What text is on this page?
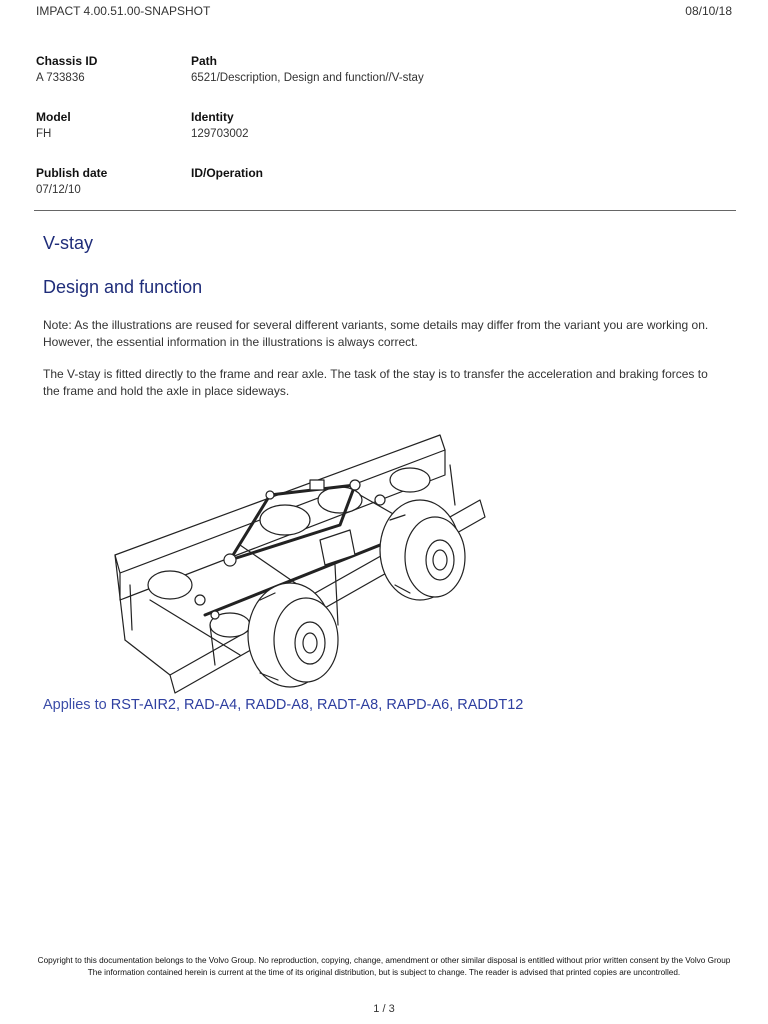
IMPACT 4.00.51.00-SNAPSHOT	08/10/18
Chassis ID
A 733836
Path
6521/Description, Design and function//V-stay
Model
FH
Identity
129703002
Publish date
07/12/10
ID/Operation
V-stay
Design and function
Note: As the illustrations are reused for several different variants, some details may differ from the variant you are working on. However, the essential information in the illustrations is always correct.
The V-stay is fitted directly to the frame and rear axle. The task of the stay is to transfer the acceleration and braking forces to the frame and hold the axle in place sideways.
Applies to RST-AIR2, RAD-A4, RADD-A8, RADT-A8, RAPD-A6, RADDT12
Copyright to this documentation belongs to the Volvo Group. No reproduction, copying, change, amendment or other similar disposal is entitled without prior written consent by the Volvo Group
The information contained herein is current at the time of its original distribution, but is subject to change. The reader is advised that printed copies are uncontrolled.
1 / 3
